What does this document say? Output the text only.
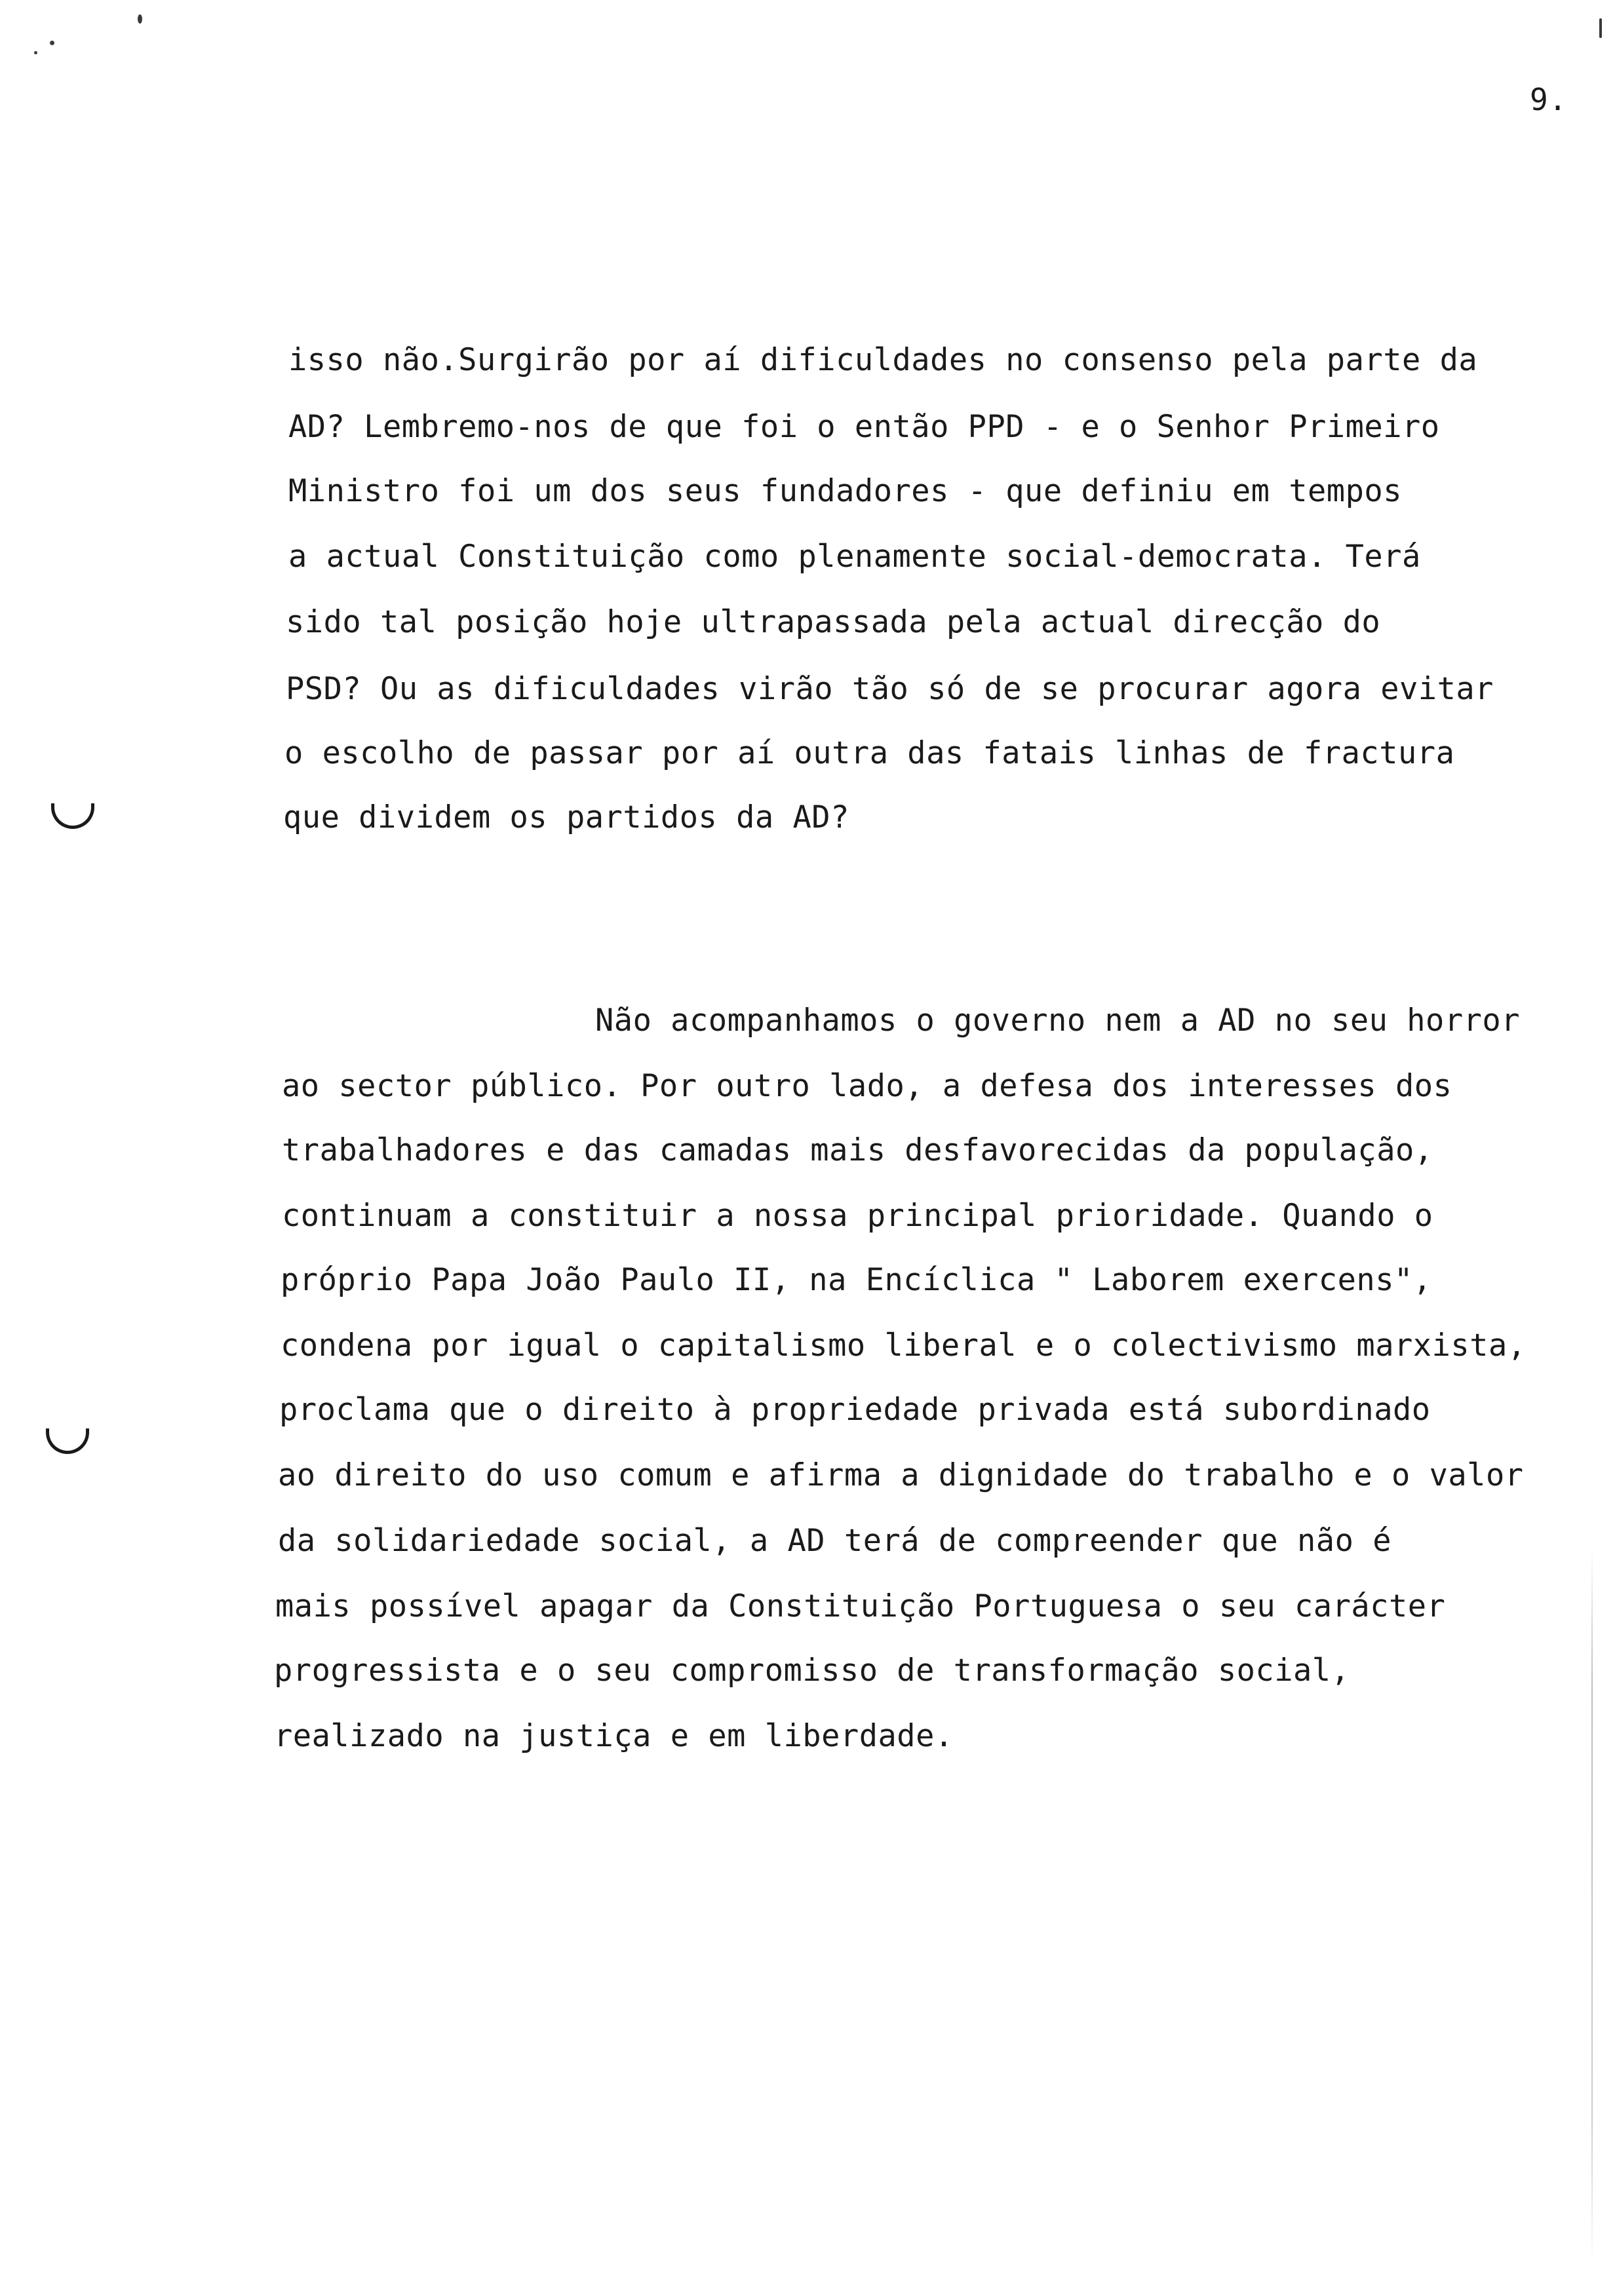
9.
isso não.Surgirão por aí dificuldades no consenso pela parte da
AD? Lembremo-nos de que foi o então PPD - e o Senhor Primeiro
Ministro foi um dos seus fundadores - que definiu em tempos
a actual Constituição como plenamente social-democrata. Terá
sido tal posição hoje ultrapassada pela actual direcção do
PSD? Ou as dificuldades virão tão só de se procurar agora evitar
o escolho de passar por aí outra das fatais linhas de fractura
que dividem os partidos da AD?
Não acompanhamos o governo nem a AD no seu horror
ao sector público. Por outro lado, a defesa dos interesses dos
trabalhadores e das camadas mais desfavorecidas da população,
continuam a constituir a nossa principal prioridade. Quando o
próprio Papa João Paulo II, na Encíclica " Laborem exercens",
condena por igual o capitalismo liberal e o colectivismo marxista,
proclama que o direito à propriedade privada está subordinado
ao direito do uso comum e afirma a dignidade do trabalho e o valor
da solidariedade social, a AD terá de compreender que não é
mais possível apagar da Constituição Portuguesa o seu carácter
progressista e o seu compromisso de transformação social,
realizado na justiça e em liberdade.
